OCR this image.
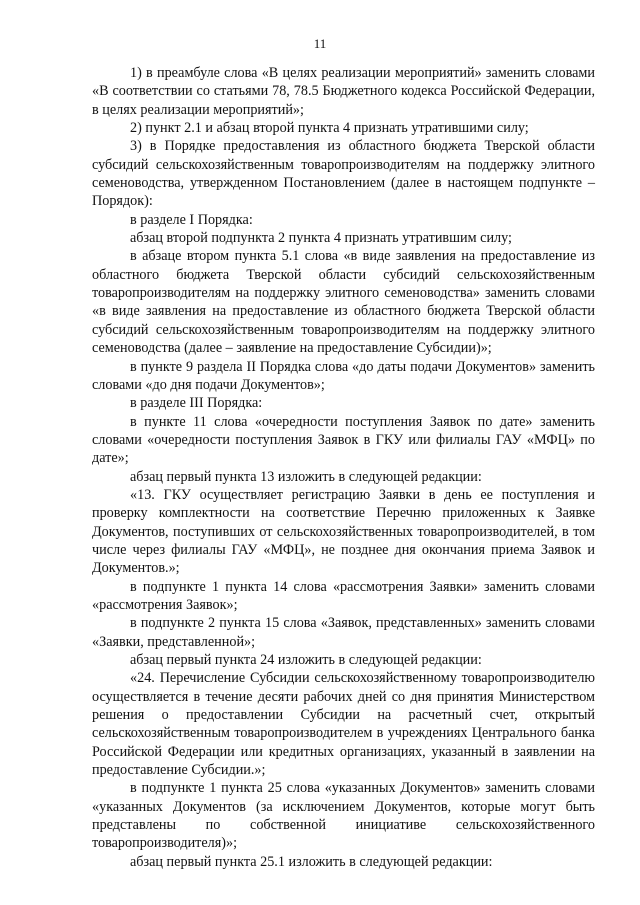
11

1) в преамбуле слова «В целях реализации мероприятий» заменить словами «В соответствии со статьями 78, 78.5 Бюджетного кодекса Российской Федерации, в целях реализации мероприятий»;

2) пункт 2.1 и абзац второй пункта 4 признать утратившими силу;

3) в Порядке предоставления из областного бюджета Тверской области субсидий сельскохозяйственным товаропроизводителям на поддержку элитного семеноводства, утвержденном Постановлением (далее в настоящем подпункте – Порядок):

в разделе I Порядка:

абзац второй подпункта 2 пункта 4 признать утратившим силу;

в абзаце втором пункта 5.1 слова «в виде заявления на предоставление из областного бюджета Тверской области субсидий сельскохозяйственным товаропроизводителям на поддержку элитного семеноводства» заменить словами «в виде заявления на предоставление из областного бюджета Тверской области субсидий сельскохозяйственным товаропроизводителям на поддержку элитного семеноводства (далее – заявление на предоставление Субсидии)»;

в пункте 9 раздела II Порядка слова «до даты подачи Документов» заменить словами «до дня подачи Документов»;

в разделе III Порядка:

в пункте 11 слова «очередности поступления Заявок по дате» заменить словами «очередности поступления Заявок в ГКУ или филиалы ГАУ «МФЦ» по дате»;

абзац первый пункта 13 изложить в следующей редакции:

«13. ГКУ осуществляет регистрацию Заявки в день ее поступления и проверку комплектности на соответствие Перечню приложенных к Заявке Документов, поступивших от сельскохозяйственных товаропроизводителей, в том числе через филиалы ГАУ «МФЦ», не позднее дня окончания приема Заявок и Документов.»;

в подпункте 1 пункта 14 слова «рассмотрения Заявки» заменить словами «рассмотрения Заявок»;

в подпункте 2 пункта 15 слова «Заявок, представленных» заменить словами «Заявки, представленной»;

абзац первый пункта 24 изложить в следующей редакции:

«24. Перечисление Субсидии сельскохозяйственному товаропроизводителю осуществляется в течение десяти рабочих дней со дня принятия Министерством решения о предоставлении Субсидии на расчетный счет, открытый сельскохозяйственным товаропроизводителем в учреждениях Центрального банка Российской Федерации или кредитных организациях, указанный в заявлении на предоставление Субсидии.»;

в подпункте 1 пункта 25 слова «указанных Документов» заменить словами «указанных Документов (за исключением Документов, которые могут быть представлены по собственной инициативе сельскохозяйственного товаропроизводителя)»;

абзац первый пункта 25.1 изложить в следующей редакции:
